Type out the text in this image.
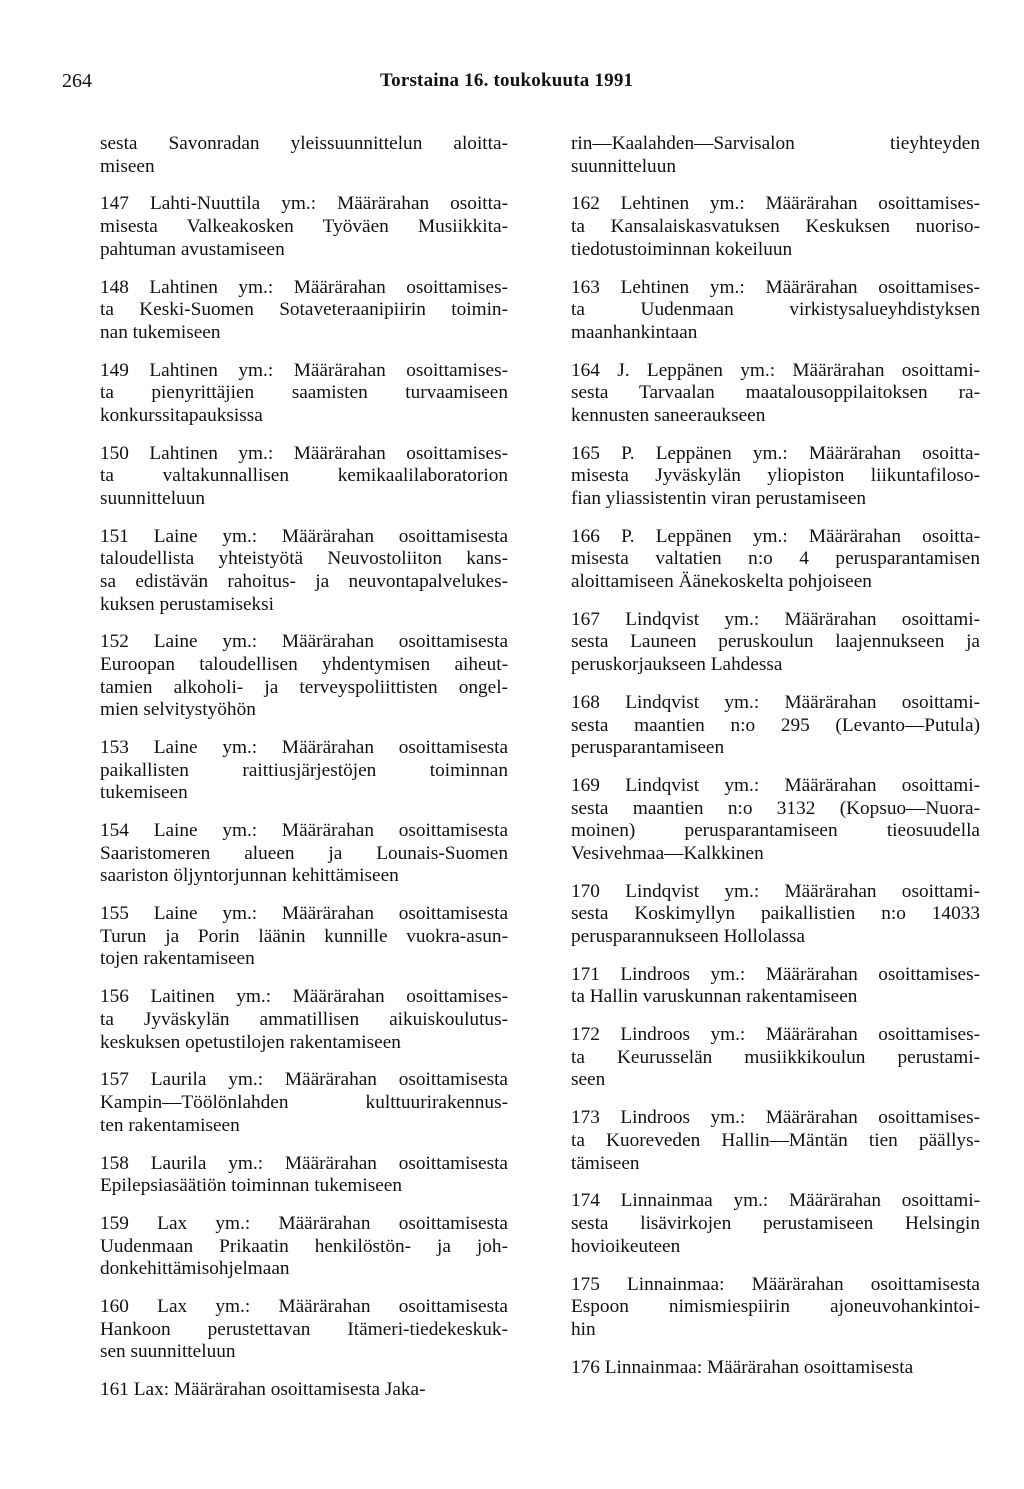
264	Torstaina 16. toukokuuta 1991
sesta Savonradan yleissuunnittelun aloitta-
miseen
147 Lahti-Nuuttila ym.: Määrärahan osoitta-
misesta Valkeakosken Työväen Musiikkita-
pahtuman avustamiseen
148 Lahtinen ym.: Määrärahan osoittamises-
ta Keski-Suomen Sotaveteraanipiirin toimin-
nan tukemiseen
149 Lahtinen ym.: Määrärahan osoittamises-
ta pienyrittäjien saamisten turvaamiseen
konkurssitapauksissa
150 Lahtinen ym.: Määrärahan osoittamises-
ta valtakunnallisen kemikaalilaboratorion
suunnitteluun
151 Laine ym.: Määrärahan osoittamisesta
taloudellista yhteistyötä Neuvostoliiton kans-
sa edistävän rahoitus- ja neuvontapalvelukes-
kuksen perustamiseksi
152 Laine ym.: Määrärahan osoittamisesta
Euroopan taloudellisen yhdentymisen aiheut-
tamien alkoholi- ja terveyspoliittisten ongel-
mien selvitystyöhön
153 Laine ym.: Määrärahan osoittamisesta
paikallisten raittiusjärjestöjen toiminnan
tukemiseen
154 Laine ym.: Määrärahan osoittamisesta
Saaristomeren alueen ja Lounais-Suomen
saariston öljyntorjunnan kehittämiseen
155 Laine ym.: Määrärahan osoittamisesta
Turun ja Porin läänin kunnille vuokra-asun-
tojen rakentamiseen
156 Laitinen ym.: Määrärahan osoittamises-
ta Jyväskylän ammatillisen aikuiskoulutus-
keskuksen opetustilojen rakentamiseen
157 Laurila ym.: Määrärahan osoittamisesta
Kampin—Töölönlahden kulttuurirakennus-
ten rakentamiseen
158 Laurila ym.: Määrärahan osoittamisesta
Epilepsiasäätiön toiminnan tukemiseen
159 Lax ym.: Määrärahan osoittamisesta
Uudenmaan Prikaatin henkilöstön- ja joh-
donkehittämisohjelmaan
160 Lax ym.: Määrärahan osoittamisesta
Hankoon perustettavan Itämeri-tiedekeskuk-
sen suunnitteluun
161 Lax: Määrärahan osoittamisesta Jaka-
rin—Kaalahden—Sarvisalon tieyhteyden
suunnitteluun
162 Lehtinen ym.: Määrärahan osoittamises-
ta Kansalaiskasvatuksen Keskuksen nuoriso-
tiedotustoiminnan kokeiluun
163 Lehtinen ym.: Määrärahan osoittamises-
ta Uudenmaan virkistysalueyhdistyksen
maanhankintaan
164 J. Leppänen ym.: Määrärahan osoittami-
sesta Tarvaalan maatalousoppilaitoksen ra-
kennusten saneeraukseen
165 P. Leppänen ym.: Määrärahan osoitta-
misesta Jyväskylän yliopiston liikuntafiloso-
fian yliassistentin viran perustamiseen
166 P. Leppänen ym.: Määrärahan osoitta-
misesta valtatien n:o 4 perusparantamisen
aloittamiseen Äänekoskelta pohjoiseen
167 Lindqvist ym.: Määrärahan osoittami-
sesta Launeen peruskoulun laajennukseen ja
peruskorjaukseen Lahdessa
168 Lindqvist ym.: Määrärahan osoittami-
sesta maantien n:o 295 (Levanto—Putula)
perusparantamiseen
169 Lindqvist ym.: Määrärahan osoittami-
sesta maantien n:o 3132 (Kopsuo—Nuora-
moinen) perusparantamiseen tieosuudella
Vesivehmaa—Kalkkinen
170 Lindqvist ym.: Määrärahan osoittami-
sesta Koskimyllyn paikallistien n:o 14033
perusparannukseen Hollolassa
171 Lindroos ym.: Määrärahan osoittamises-
ta Hallin varuskunnan rakentamiseen
172 Lindroos ym.: Määrärahan osoittamises-
ta Keurusselän musiikkikoulun perustami-
seen
173 Lindroos ym.: Määrärahan osoittamises-
ta Kuoreveden Hallin—Mäntän tien päällys-
tämiseen
174 Linnainmaa ym.: Määrärahan osoittami-
sesta lisävirkojen perustamiseen Helsingin
hovioikeuteen
175 Linnainmaa: Määrärahan osoittamisesta
Espoon nimismiespiirin ajoneuvohankintoi-
hin
176 Linnainmaa: Määrärahan osoittamisesta
